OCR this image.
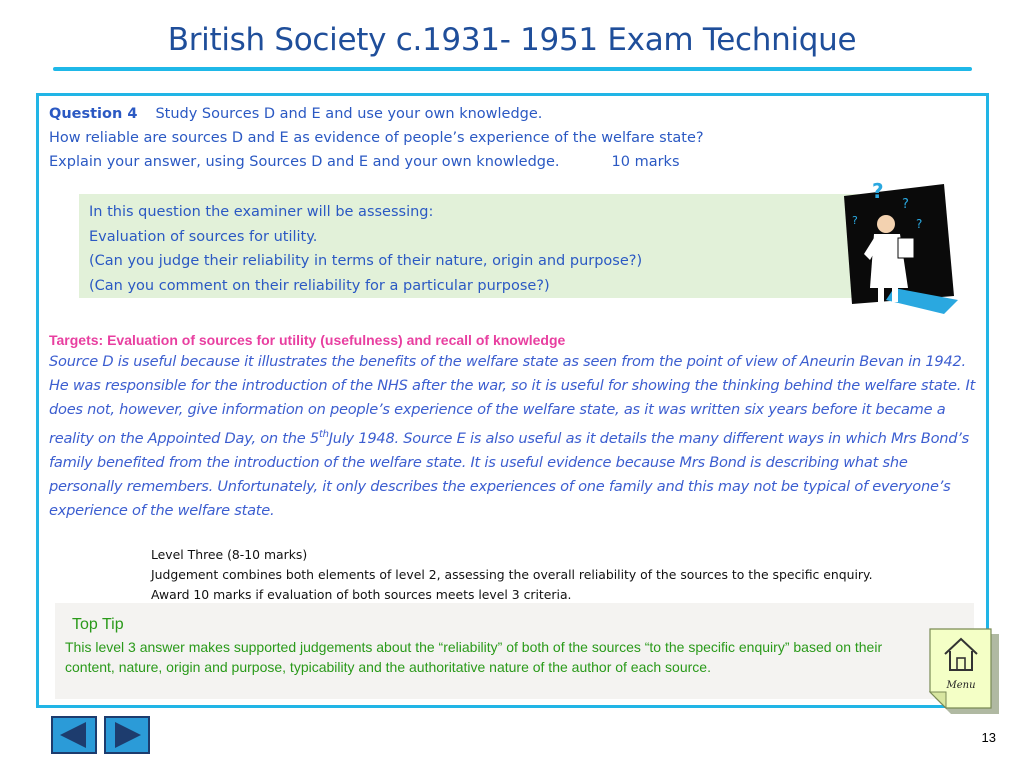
British Society c.1931- 1951 Exam Technique
Question 4 Study Sources D and E and use your own knowledge.
How reliable are sources D and E as evidence of people’s experience of the welfare state?
Explain your answer, using Sources D and E and your own knowledge.	10 marks
In this question the examiner will be assessing:
Evaluation of sources for utility.
(Can you judge their reliability in terms of their nature, origin and purpose?)
(Can you comment on their reliability for a particular purpose?)
?
?
?	?
Targets: Evaluation of sources for utility (usefulness) and recall of knowledge
Source D is useful because it illustrates the benefits of the welfare state as seen from the point of view of Aneurin Bevan in 1942. He was responsible for the introduction of the NHS after the war, so it is useful for showing the thinking behind the welfare state. It does not, however, give information on people’s experience of the welfare state, as it was written six years before it became a reality on the Appointed Day, on the 5thJuly 1948. Source E is also useful as it details the many different ways in which Mrs Bond’s family benefited from the introduction of the welfare state. It is useful evidence because Mrs Bond is describing what she personally remembers. Unfortunately, it only describes the experiences of one family and this may not be typical of everyone’s experience of the welfare state.
Level Three (8-10 marks)
Judgement combines both elements of level 2, assessing the overall reliability of the sources to the specific enquiry.
Award 10 marks if evaluation of both sources meets level 3 criteria.
Top Tip
This level 3 answer makes supported judgements about the “reliability” of both of the sources “to the specific enquiry” based on their content, nature, origin and purpose, typicability and the authoritative nature of the author of each source.
Menu
13
